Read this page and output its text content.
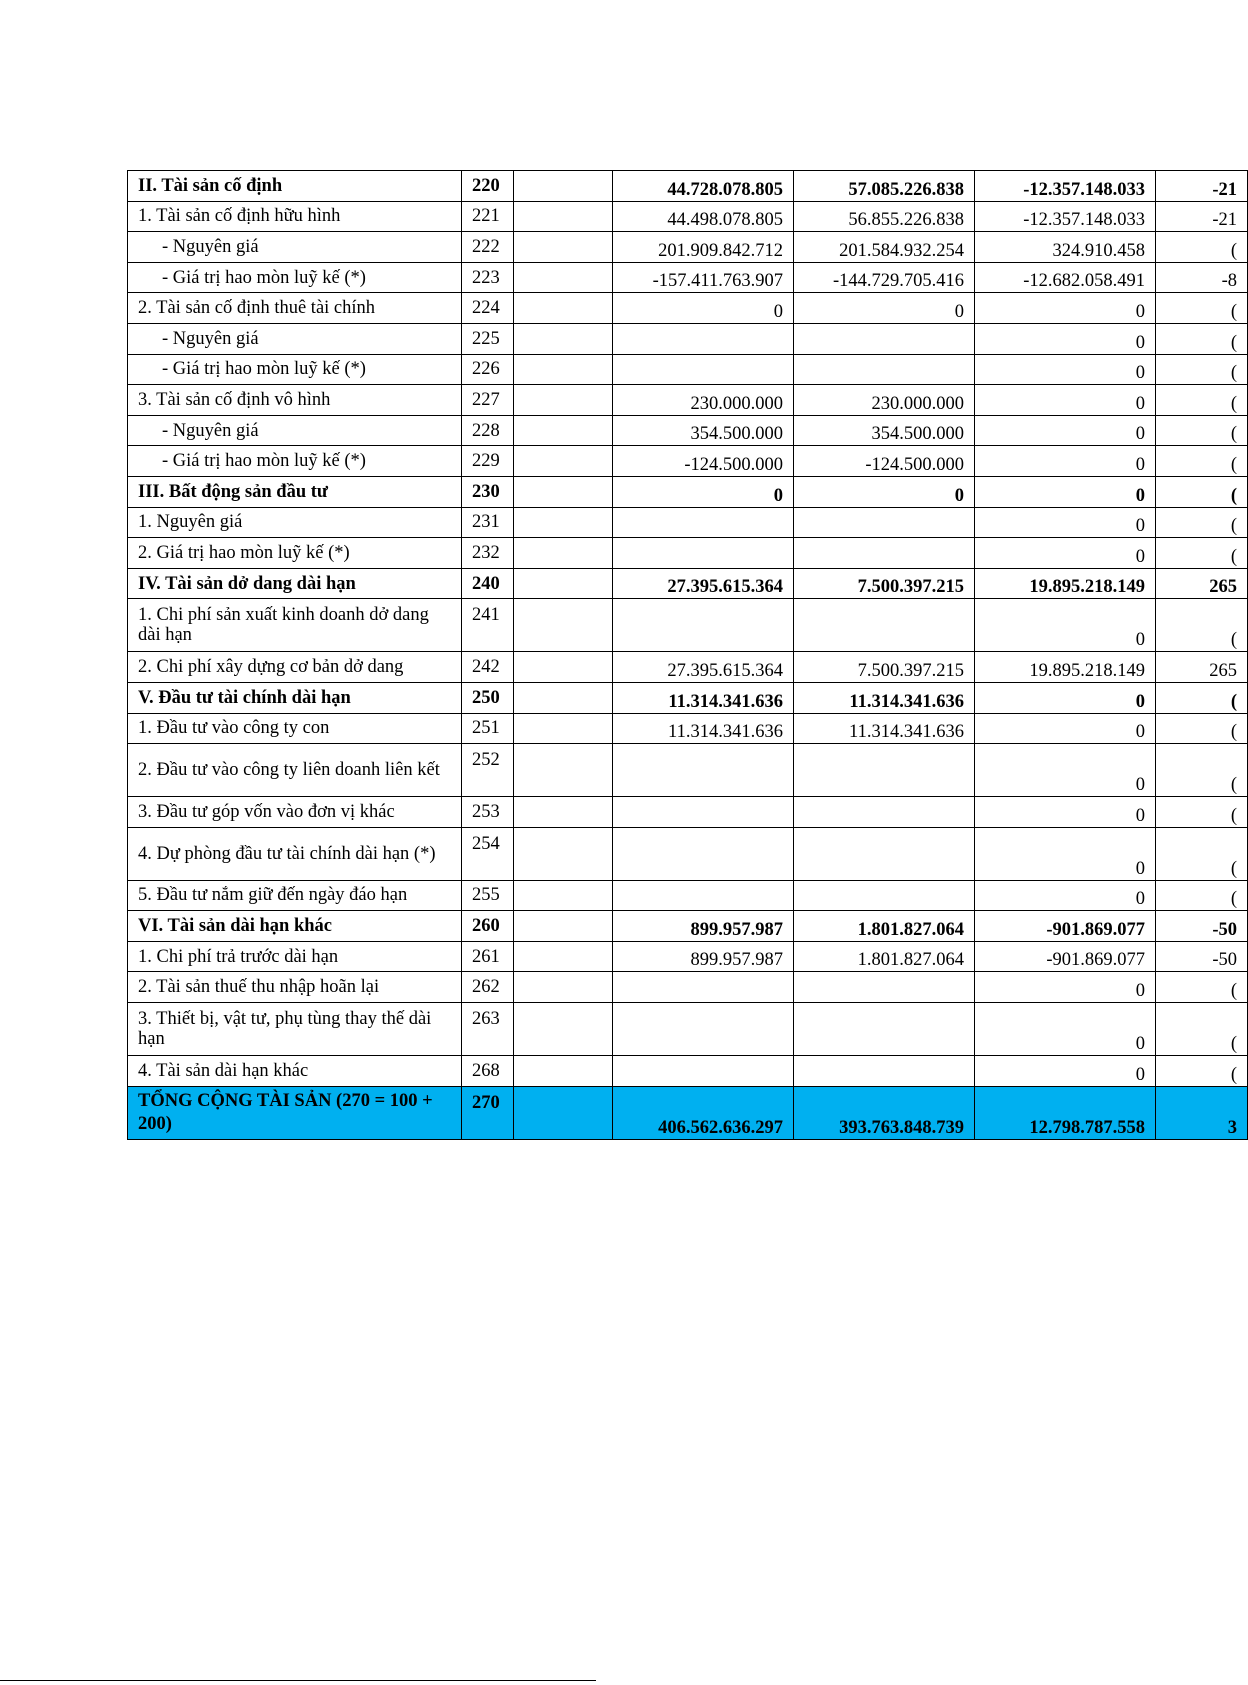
II. Tài sản cố định	220		44.728.078.805	57.085.226.838	-12.357.148.033	-21
1. Tài sản cố định hữu hình	221		44.498.078.805	56.855.226.838	-12.357.148.033	-21
- Nguyên giá	222		201.909.842.712	201.584.932.254	324.910.458	(
- Giá trị hao mòn luỹ kế (*)	223		-157.411.763.907	-144.729.705.416	-12.682.058.491	-8
2. Tài sản cố định thuê tài chính	224		0	0	0	(
- Nguyên giá	225				0	(
- Giá trị hao mòn luỹ kế (*)	226				0	(
3. Tài sản cố định vô hình	227		230.000.000	230.000.000	0	(
- Nguyên giá	228		354.500.000	354.500.000	0	(
- Giá trị hao mòn luỹ kế (*)	229		-124.500.000	-124.500.000	0	(
III. Bất động sản đầu tư	230		0	0	0	(
1. Nguyên giá	231				0	(
2. Giá trị hao mòn luỹ kế (*)	232				0	(
IV. Tài sản dở dang dài hạn	240		27.395.615.364	7.500.397.215	19.895.218.149	265
1. Chi phí sản xuất kinh doanh dở dang dài hạn	241				0	(
2. Chi phí xây dựng cơ bản dở dang	242		27.395.615.364	7.500.397.215	19.895.218.149	265
V. Đầu tư tài chính dài hạn	250		11.314.341.636	11.314.341.636	0	(
1. Đầu tư vào công ty con	251		11.314.341.636	11.314.341.636	0	(
2. Đầu tư vào công ty liên doanh liên kết	252				0	(
3. Đầu tư góp vốn vào đơn vị khác	253				0	(
4. Dự phòng đầu tư tài chính dài hạn (*)	254				0	(
5. Đầu tư nắm giữ đến ngày đáo hạn	255				0	(
VI. Tài sản dài hạn khác	260		899.957.987	1.801.827.064	-901.869.077	-50
1. Chi phí trả trước dài hạn	261		899.957.987	1.801.827.064	-901.869.077	-50
2. Tài sản thuế thu nhập hoãn lại	262				0	(
3. Thiết bị, vật tư, phụ tùng thay thế dài hạn	263				0	(
4. Tài sản dài hạn khác	268				0	(
TỔNG CỘNG TÀI SẢN (270 = 100 + 200)	270		406.562.636.297	393.763.848.739	12.798.787.558	3
